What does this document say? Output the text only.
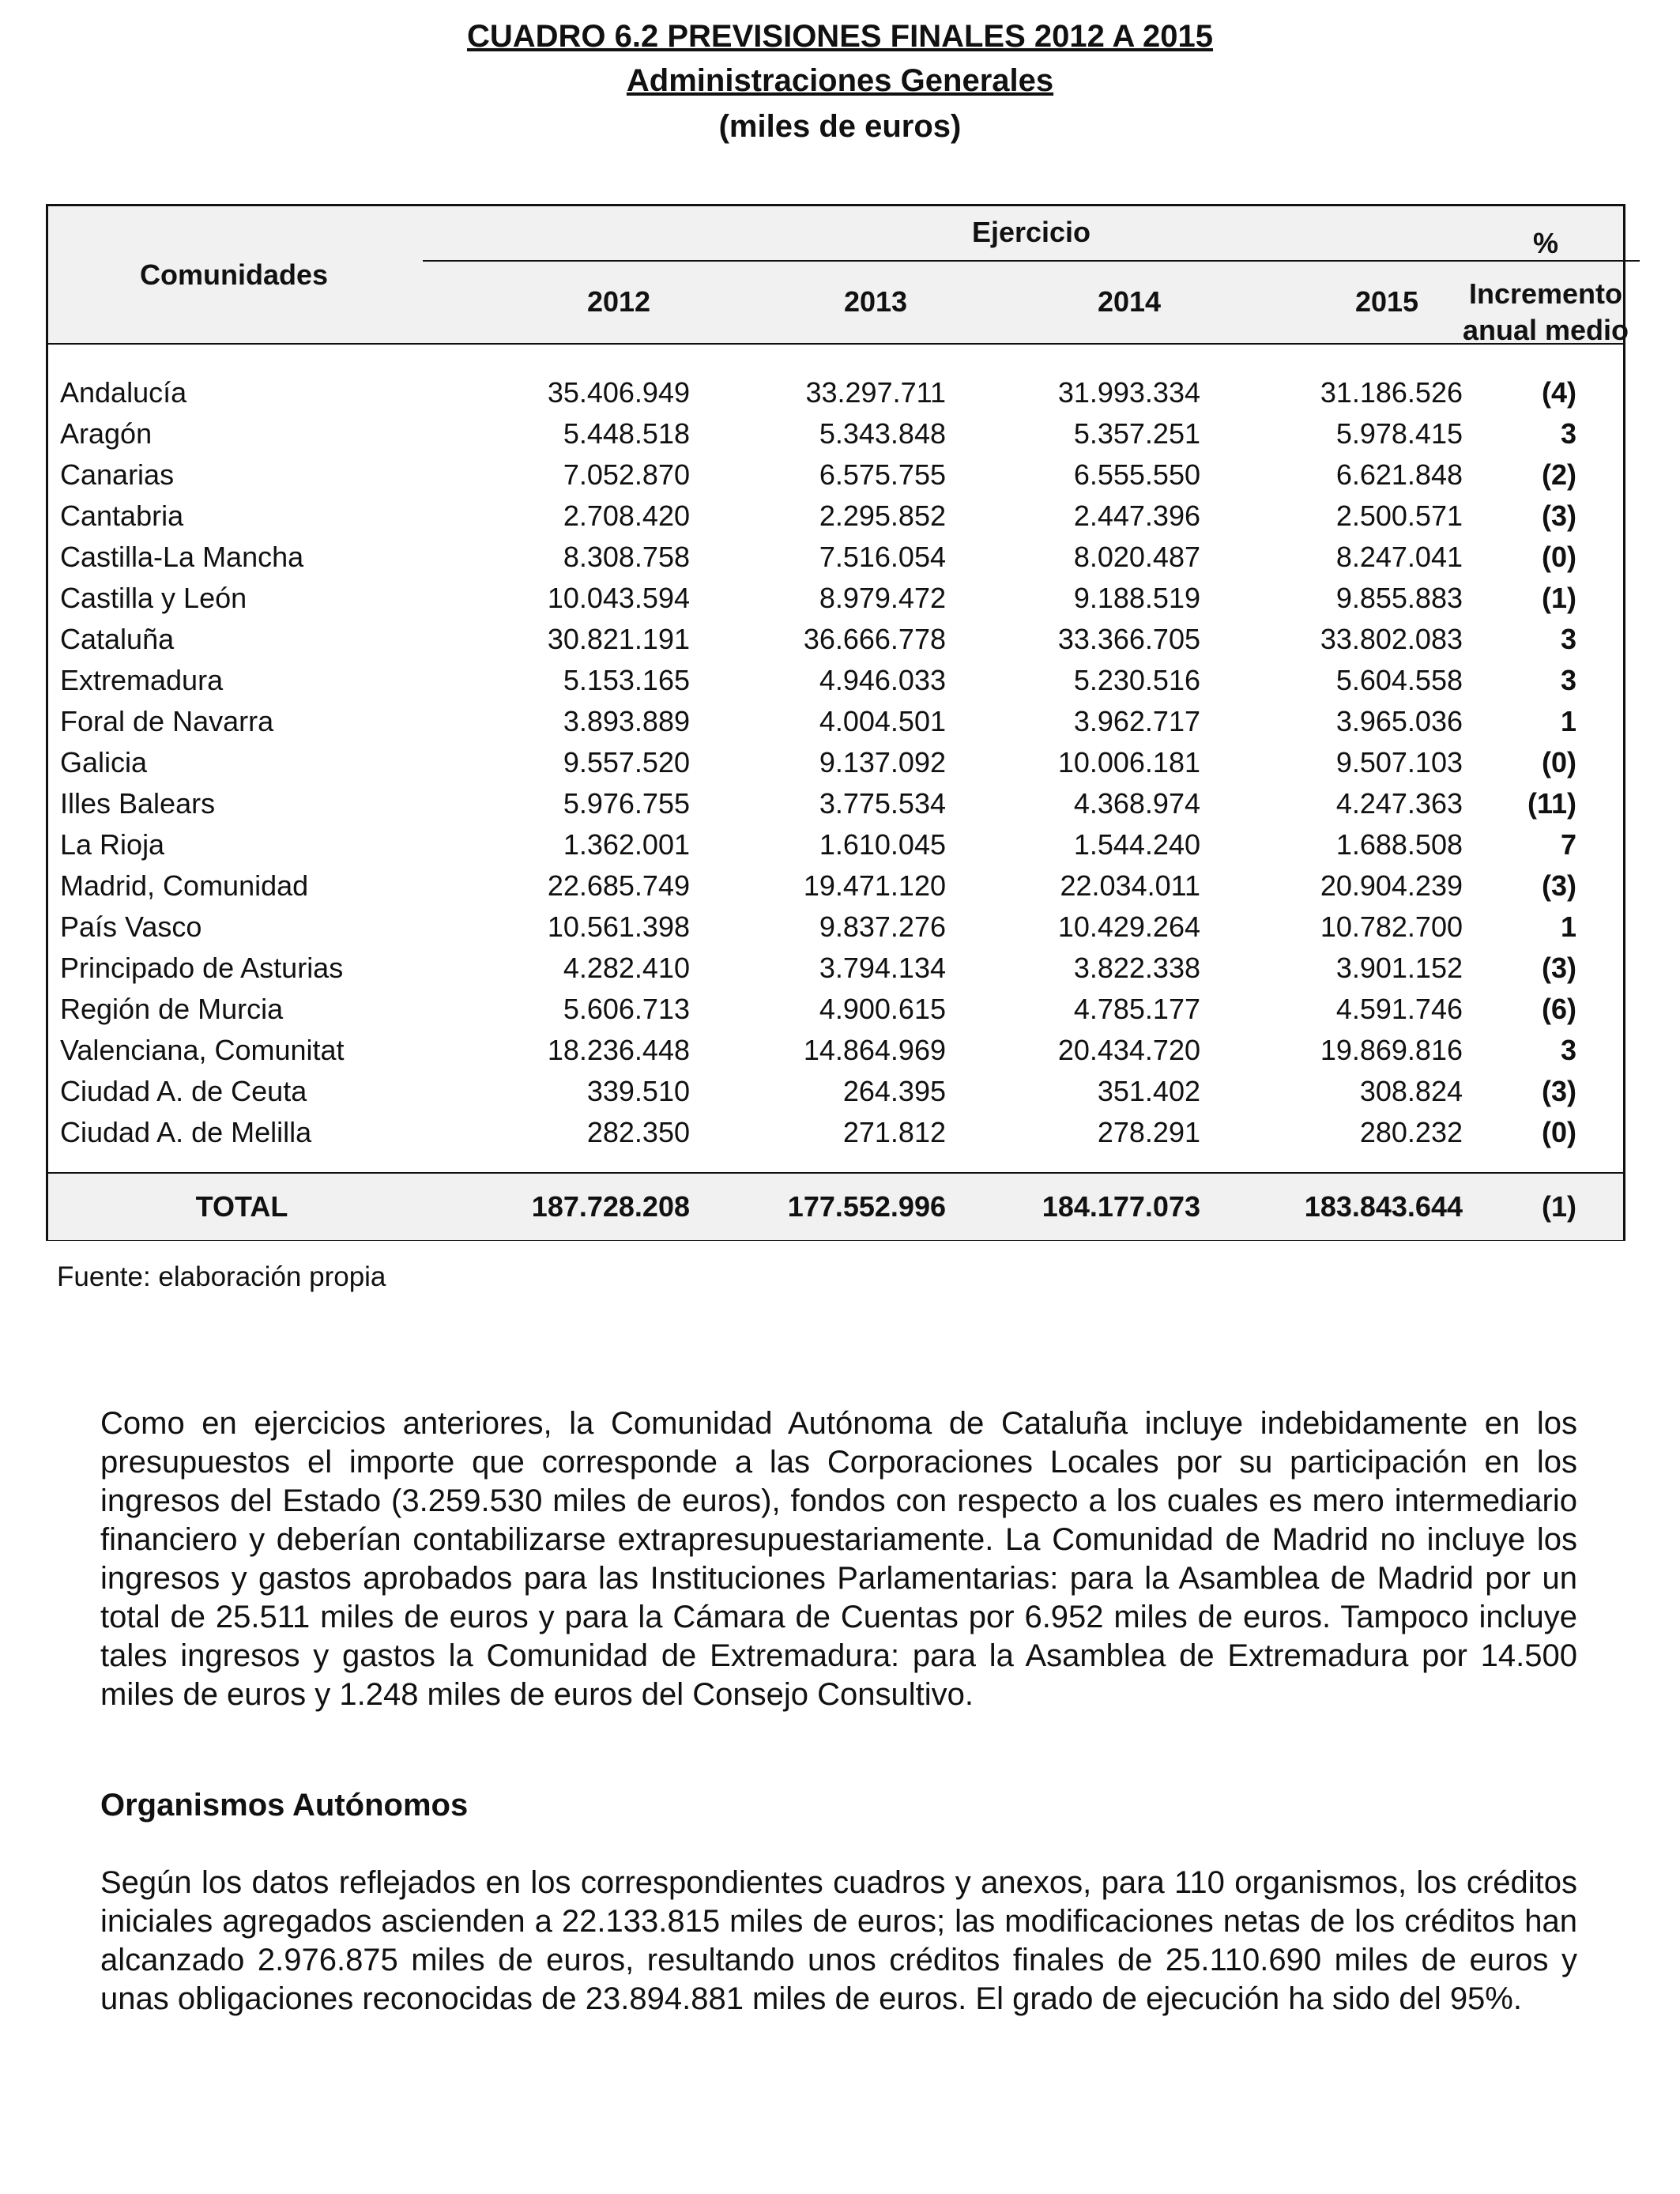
CUADRO 6.2 PREVISIONES FINALES 2012 A 2015
Administraciones Generales
(miles de euros)
Comunidades
Ejercicio
2012	2013	2014	2015
%
Incremento anual medio
Andalucía	35.406.949	33.297.711	31.993.334	31.186.526	(4)
Aragón	5.448.518	5.343.848	5.357.251	5.978.415	3
Canarias	7.052.870	6.575.755	6.555.550	6.621.848	(2)
Cantabria	2.708.420	2.295.852	2.447.396	2.500.571	(3)
Castilla-La Mancha	8.308.758	7.516.054	8.020.487	8.247.041	(0)
Castilla y León	10.043.594	8.979.472	9.188.519	9.855.883	(1)
Cataluña	30.821.191	36.666.778	33.366.705	33.802.083	3
Extremadura	5.153.165	4.946.033	5.230.516	5.604.558	3
Foral de Navarra	3.893.889	4.004.501	3.962.717	3.965.036	1
Galicia	9.557.520	9.137.092	10.006.181	9.507.103	(0)
Illes Balears	5.976.755	3.775.534	4.368.974	4.247.363	(11)
La Rioja	1.362.001	1.610.045	1.544.240	1.688.508	7
Madrid, Comunidad	22.685.749	19.471.120	22.034.011	20.904.239	(3)
País Vasco	10.561.398	9.837.276	10.429.264	10.782.700	1
Principado de Asturias	4.282.410	3.794.134	3.822.338	3.901.152	(3)
Región de Murcia	5.606.713	4.900.615	4.785.177	4.591.746	(6)
Valenciana, Comunitat	18.236.448	14.864.969	20.434.720	19.869.816	3
Ciudad A. de Ceuta	339.510	264.395	351.402	308.824	(3)
Ciudad A. de Melilla	282.350	271.812	278.291	280.232	(0)
TOTAL	187.728.208	177.552.996	184.177.073	183.843.644	(1)
Fuente: elaboración propia

Como en ejercicios anteriores, la Comunidad Autónoma de Cataluña incluye indebidamente en los presupuestos el importe que corresponde a las Corporaciones Locales por su participación en los ingresos del Estado (3.259.530 miles de euros), fondos con respecto a los cuales es mero intermediario financiero y deberían contabilizarse extrapresupuestariamente. La Comunidad de Madrid no incluye los ingresos y gastos aprobados para las Instituciones Parlamentarias: para la Asamblea de Madrid por un total de 25.511 miles de euros y para la Cámara de Cuentas por 6.952 miles de euros. Tampoco incluye tales ingresos y gastos la Comunidad de Extremadura: para la Asamblea de Extremadura por 14.500 miles de euros y 1.248 miles de euros del Consejo Consultivo.

Organismos Autónomos

Según los datos reflejados en los correspondientes cuadros y anexos, para 110 organismos, los créditos iniciales agregados ascienden a 22.133.815 miles de euros; las modificaciones netas de los créditos han alcanzado 2.976.875 miles de euros, resultando unos créditos finales de 25.110.690 miles de euros y unas obligaciones reconocidas de 23.894.881 miles de euros. El grado de ejecución ha sido del 95%.
